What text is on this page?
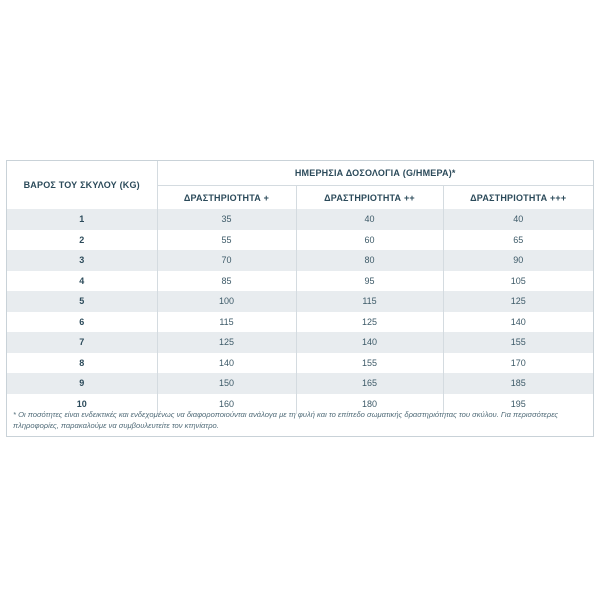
ΒΑΡΟΣ ΤΟΥ ΣΚΥΛΟΥ (KG)	ΗΜΕΡΗΣΙΑ ΔΟΣΟΛΟΓΙΑ (G/ΗΜΕΡΑ)*		
	ΔΡΑΣΤΗΡΙΟΤΗΤΑ +	ΔΡΑΣΤΗΡΙΟΤΗΤΑ ++	ΔΡΑΣΤΗΡΙΟΤΗΤΑ +++
1	35	40	40
2	55	60	65
3	70	80	90
4	85	95	105
5	100	115	125
6	115	125	140
7	125	140	155
8	140	155	170
9	150	165	185
10	160	180	195
* Οι ποσότητες είναι ενδεικτικές και ενδεχομένως να διαφοροποιούνται ανάλογα με τη φυλή και το επίπεδο σωματικής δραστηριότητας του σκύλου. Για περισσότερες πληροφορίες, παρακαλούμε να συμβουλευτείτε τον κτηνίατρο.
